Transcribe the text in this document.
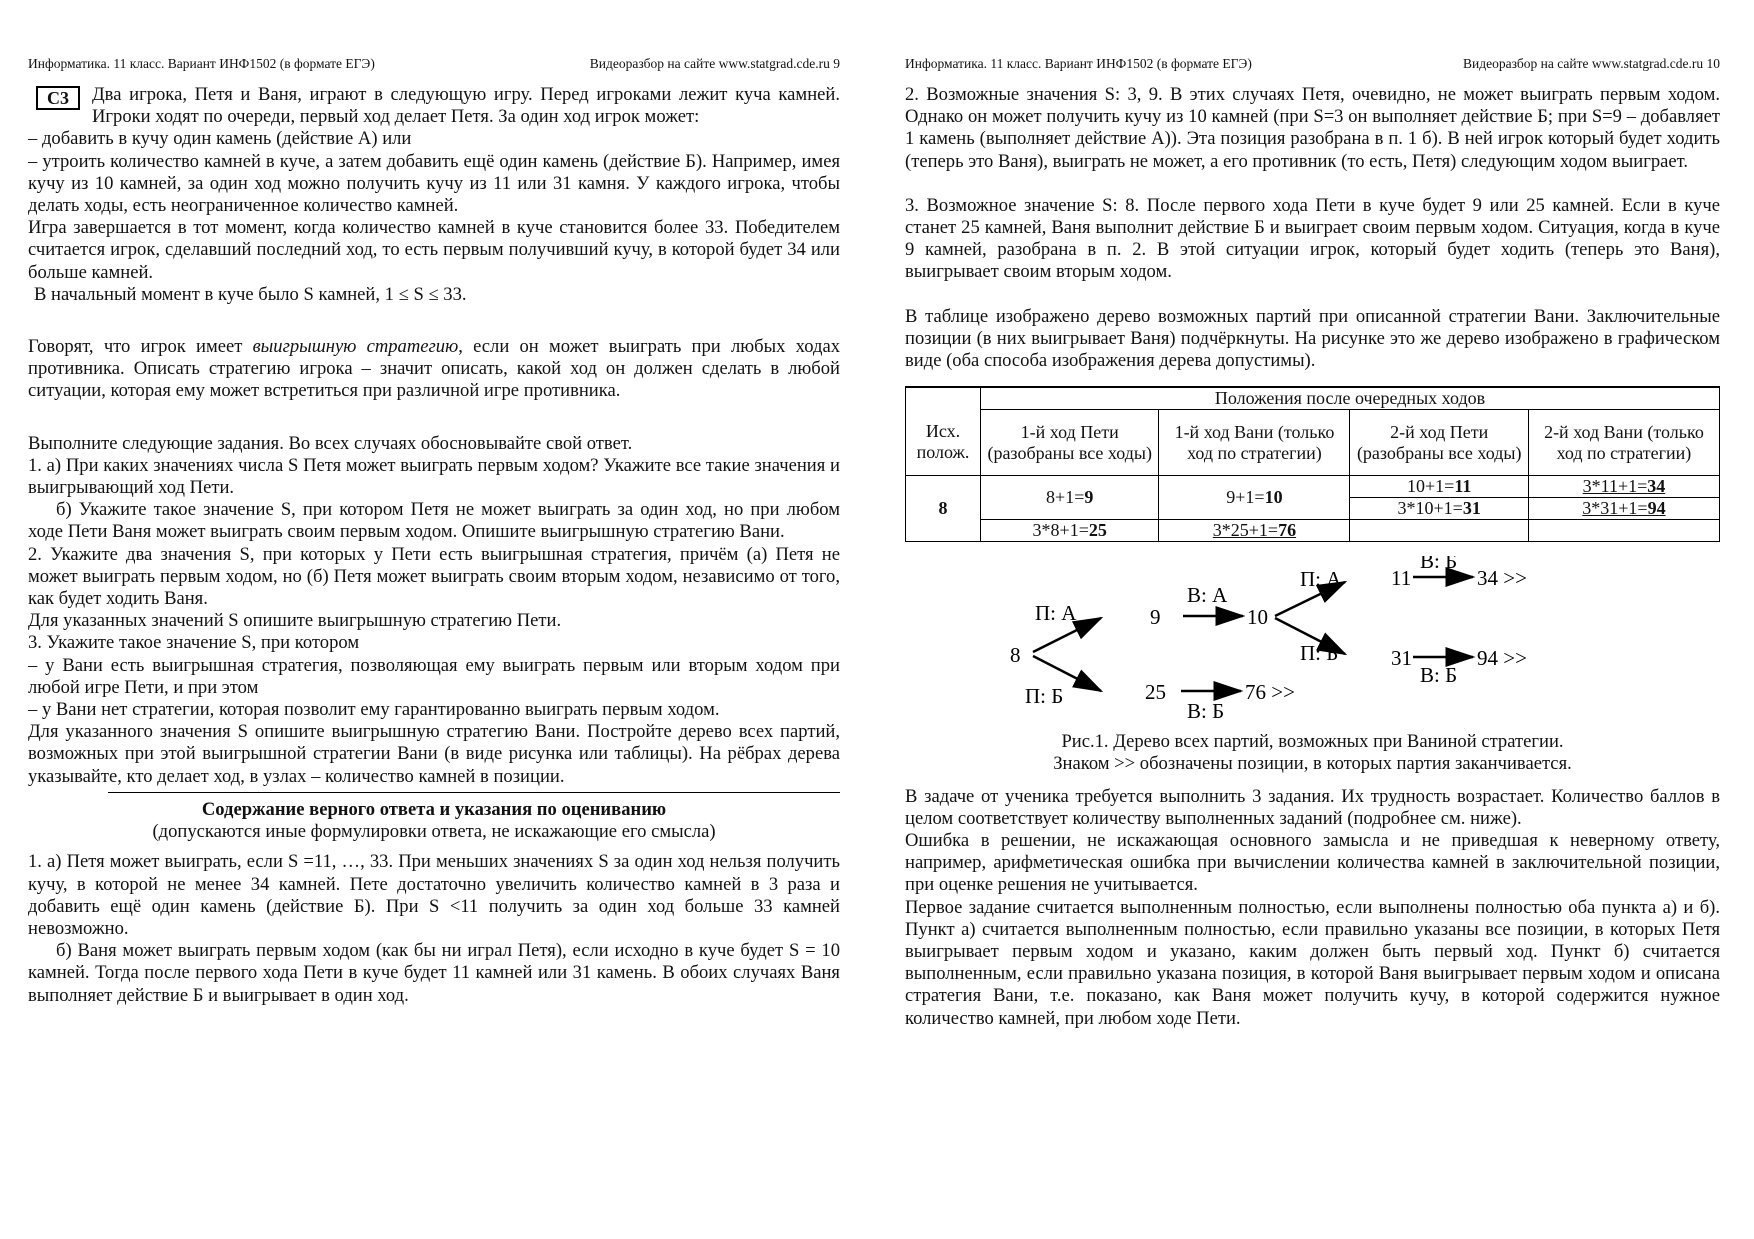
Информатика. 11 класс. Вариант ИНФ1502 (в формате ЕГЭ)	Видеоразбор на сайте www.statgrad.cde.ru 9

С3	Два игрока, Петя и Ваня, играют в следующую игру. Перед игроками лежит куча камней. Игроки ходят по очереди, первый ход делает Петя. За один ход игрок может:

– добавить в кучу один камень (действие А) или

– утроить количество камней в куче, а затем добавить ещё один камень (действие Б). Например, имея кучу из 10 камней, за один ход можно получить кучу из 11 или 31 камня. У каждого игрока, чтобы делать ходы, есть неограниченное количество камней.

Игра завершается в тот момент, когда количество камней в куче становится более 33. Победителем считается игрок, сделавший последний ход, то есть первым получивший кучу, в которой будет 34 или больше камней.

В начальный момент в куче было S камней, 1 ≤ S ≤ 33.

Говорят, что игрок имеет выигрышную стратегию, если он может выиграть при любых ходах противника. Описать стратегию игрока – значит описать, какой ход он должен сделать в любой ситуации, которая ему может встретиться при различной игре противника.

Выполните следующие задания. Во всех случаях обосновывайте свой ответ.

1. а) При каких значениях числа S Петя может выиграть первым ходом? Укажите все такие значения и выигрывающий ход Пети.

б) Укажите такое значение S, при котором Петя не может выиграть за один ход, но при любом ходе Пети Ваня может выиграть своим первым ходом. Опишите выигрышную стратегию Вани.

2. Укажите два значения S, при которых у Пети есть выигрышная стратегия, причём (а) Петя не может выиграть первым ходом, но (б) Петя может выиграть своим вторым ходом, независимо от того, как будет ходить Ваня.

Для указанных значений S опишите выигрышную стратегию Пети.

3. Укажите такое значение S, при котором

– у Вани есть выигрышная стратегия, позволяющая ему выиграть первым или вторым ходом при любой игре Пети, и при этом

– у Вани нет стратегии, которая позволит ему гарантированно выиграть первым ходом.

Для указанного значения S опишите выигрышную стратегию Вани. Постройте дерево всех партий, возможных при этой выигрышной стратегии Вани (в виде рисунка или таблицы). На рёбрах дерева указывайте, кто делает ход, в узлах – количество камней в позиции.

Содержание верного ответа и указания по оцениванию

(допускаются иные формулировки ответа, не искажающие его смысла)

1. а) Петя может выиграть, если S =11, …, 33. При меньших значениях S за один ход нельзя получить кучу, в которой не менее 34 камней. Пете достаточно увеличить количество камней в 3 раза и добавить ещё один камень (действие Б). При S <11 получить за один ход больше 33 камней невозможно.

б) Ваня может выиграть первым ходом (как бы ни играл Петя), если исходно в куче будет S = 10 камней. Тогда после первого хода Пети в куче будет 11 камней или 31 камень. В обоих случаях Ваня выполняет действие Б и выигрывает в один ход.

Информатика. 11 класс. Вариант ИНФ1502 (в формате ЕГЭ)	Видеоразбор на сайте www.statgrad.cde.ru 10

2. Возможные значения S: 3, 9. В этих случаях Петя, очевидно, не может выиграть первым ходом. Однако он может получить кучу из 10 камней (при S=3 он выполняет действие Б; при S=9 – добавляет 1 камень (выполняет действие А)). Эта позиция разобрана в п. 1 б). В ней игрок который будет ходить (теперь это Ваня), выиграть не может, а его противник (то есть, Петя) следующим ходом выиграет.

3. Возможное значение S: 8. После первого хода Пети в куче будет 9 или 25 камней. Если в куче станет 25 камней, Ваня выполнит действие Б и выиграет своим первым ходом. Ситуация, когда в куче 9 камней, разобрана в п. 2. В этой ситуации игрок, который будет ходить (теперь это Ваня), выигрывает своим вторым ходом.

В таблице изображено дерево возможных партий при описанной стратегии Вани. Заключительные позиции (в них выигрывает Ваня) подчёркнуты. На рисунке это же дерево изображено в графическом виде (оба способа изображения дерева допустимы).

	Положения после очередных ходов			
Исх. полож.	1-й ход Пети (разобраны все ходы)	1-й ход Вани (только ход по стратегии)	2-й ход Пети (разобраны все ходы)	2-й ход Вани (только ход по стратегии)
8	8+1=9	9+1=10	10+1=11	3*11+1=34
			3*10+1=31	3*31+1=94
	3*8+1=25	3*25+1=76		
8
9	10
11
31
25
34 >>
94 >>
76 >>
П: А
П: Б
В: А
П: А
П: Б
В: Б
В: Б
В: Б

Рис.1. Дерево всех партий, возможных при Ваниной стратегии.

Знаком >> обозначены позиции, в которых партия заканчивается.

В задаче от ученика требуется выполнить 3 задания. Их трудность возрастает. Количество баллов в целом соответствует количеству выполненных заданий (подробнее см. ниже).

Ошибка в решении, не искажающая основного замысла и не приведшая к неверному ответу, например, арифметическая ошибка при вычислении количества камней в заключительной позиции, при оценке решения не учитывается.

Первое задание считается выполненным полностью, если выполнены полностью оба пункта а) и б). Пункт а) считается выполненным полностью, если правильно указаны все позиции, в которых Петя выигрывает первым ходом и указано, каким должен быть первый ход. Пункт б) считается выполненным, если правильно указана позиция, в которой Ваня выигрывает первым ходом и описана стратегия Вани, т.е. показано, как Ваня может получить кучу, в которой содержится нужное количество камней, при любом ходе Пети.
